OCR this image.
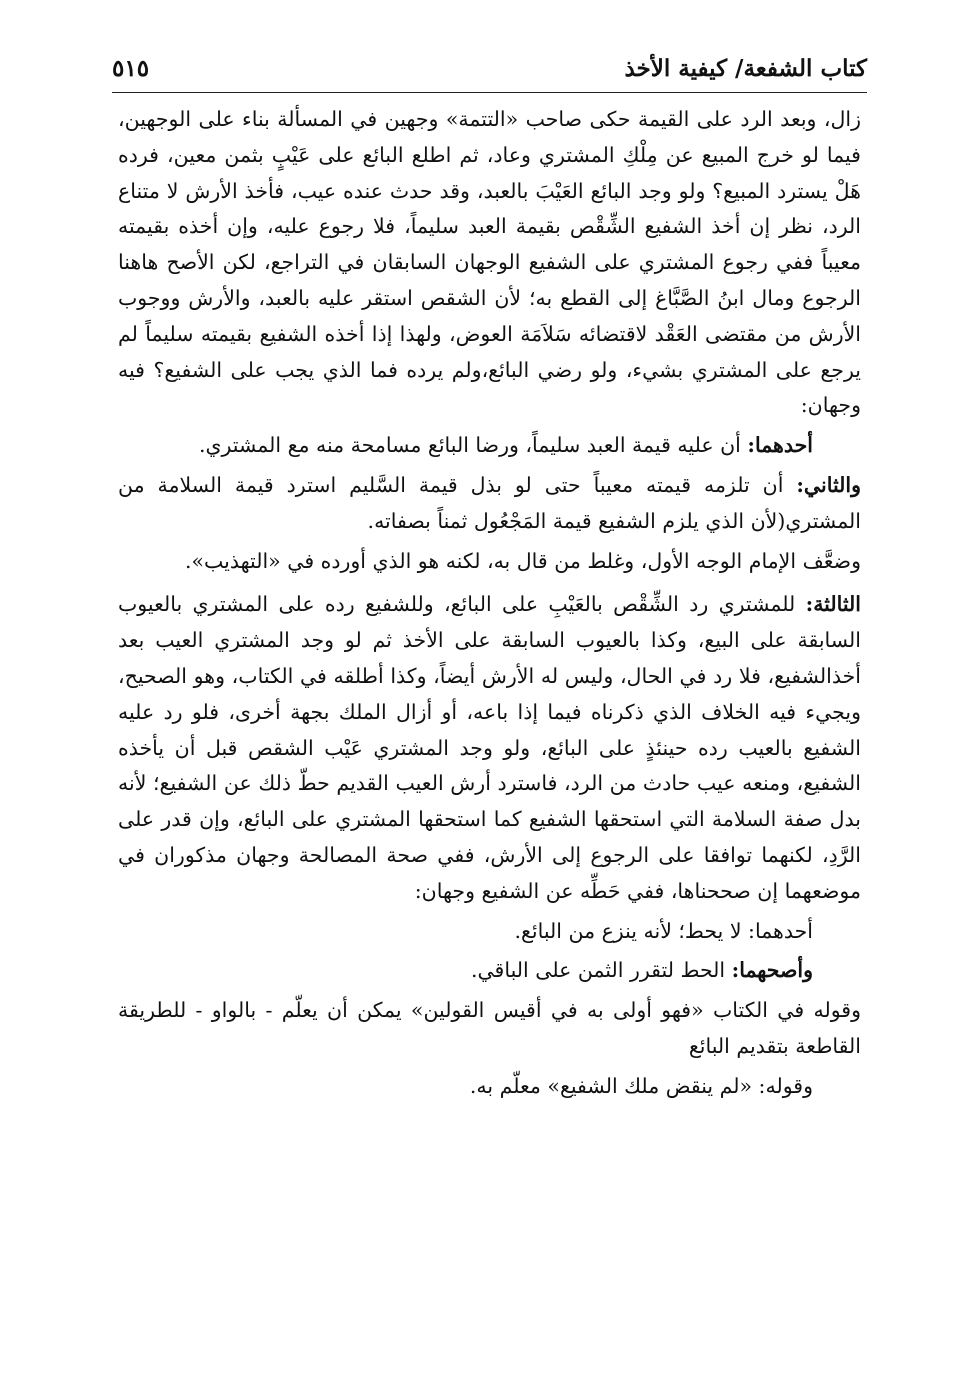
كتاب الشفعة/ كيفية الأخذ
٥١٥

زال، وبعد الرد على القيمة حكى صاحب «التتمة» وجهين في المسألة بناء على الوجهين، فيما لو خرج المبيع عن مِلْكِ المشتري وعاد، ثم اطلع البائع على عَيْبٍ بثمن معين، فرده هَلْ يسترد المبيع؟ ولو وجد البائع العَيْبَ بالعبد، وقد حدث عنده عيب، فأخذ الأرش لا متناع الرد، نظر إن أخذ الشفيع الشِّقْص بقيمة العبد سليماً، فلا رجوع عليه، وإن أخذه بقيمته معيباً ففي رجوع المشتري على الشفيع الوجهان السابقان في التراجع، لكن الأصح هاهنا الرجوع ومال ابنُ الصَّبَّاغ إلى القطع به؛ لأن الشقص استقر عليه بالعبد، والأرش ووجوب الأرش من مقتضى العَقْد لاقتضائه سَلاَمَة العوض، ولهذا إذا أخذه الشفيع بقيمته سليماً لم يرجع على المشتري بشيء، ولو رضي البائع،ولم يرده فما الذي يجب على الشفيع؟ فيه وجهان:

أحدهما: أن عليه قيمة العبد سليماً، ورضا البائع مسامحة منه مع المشتري.

والثاني: أن تلزمه قيمته معيباً حتى لو بذل قيمة السَّليم استرد قيمة السلامة من المشتري(لأن الذي يلزم الشفيع قيمة المَجْعُول ثمناً بصفاته.

وضعَّف الإمام الوجه الأول، وغلط من قال به، لكنه هو الذي أورده في «التهذيب».

الثالثة: للمشتري رد الشِّقْص بالعَيْبِ على البائع، وللشفيع رده على المشتري بالعيوب السابقة على البيع، وكذا بالعيوب السابقة على الأخذ ثم لو وجد المشتري العيب بعد أخذالشفيع، فلا رد في الحال، وليس له الأرش أيضاً، وكذا أطلقه في الكتاب، وهو الصحيح، ويجيء فيه الخلاف الذي ذكرناه فيما إذا باعه، أو أزال الملك بجهة أخرى، فلو رد عليه الشفيع بالعيب رده حينئذٍ على البائع، ولو وجد المشتري عَيْب الشقص قبل أن يأخذه الشفيع، ومنعه عيب حادث من الرد، فاسترد أرش العيب القديم حطّ ذلك عن الشفيع؛ لأنه بدل صفة السلامة التي استحقها الشفيع كما استحقها المشتري على البائع، وإن قدر على الرَّدِ، لكنهما توافقا على الرجوع إلى الأرش، ففي صحة المصالحة وجهان مذكوران في موضعهما إن صححناها، ففي حَطِّه عن الشفيع وجهان:

أحدهما: لا يحط؛ لأنه ينزع من البائع.

وأصحهما: الحط لتقرر الثمن على الباقي.

وقوله في الكتاب «فهو أولى به في أقيس القولين» يمكن أن يعلّم - بالواو - للطريقة القاطعة بتقديم البائع

وقوله: «لم ينقض ملك الشفيع» معلّم به.
